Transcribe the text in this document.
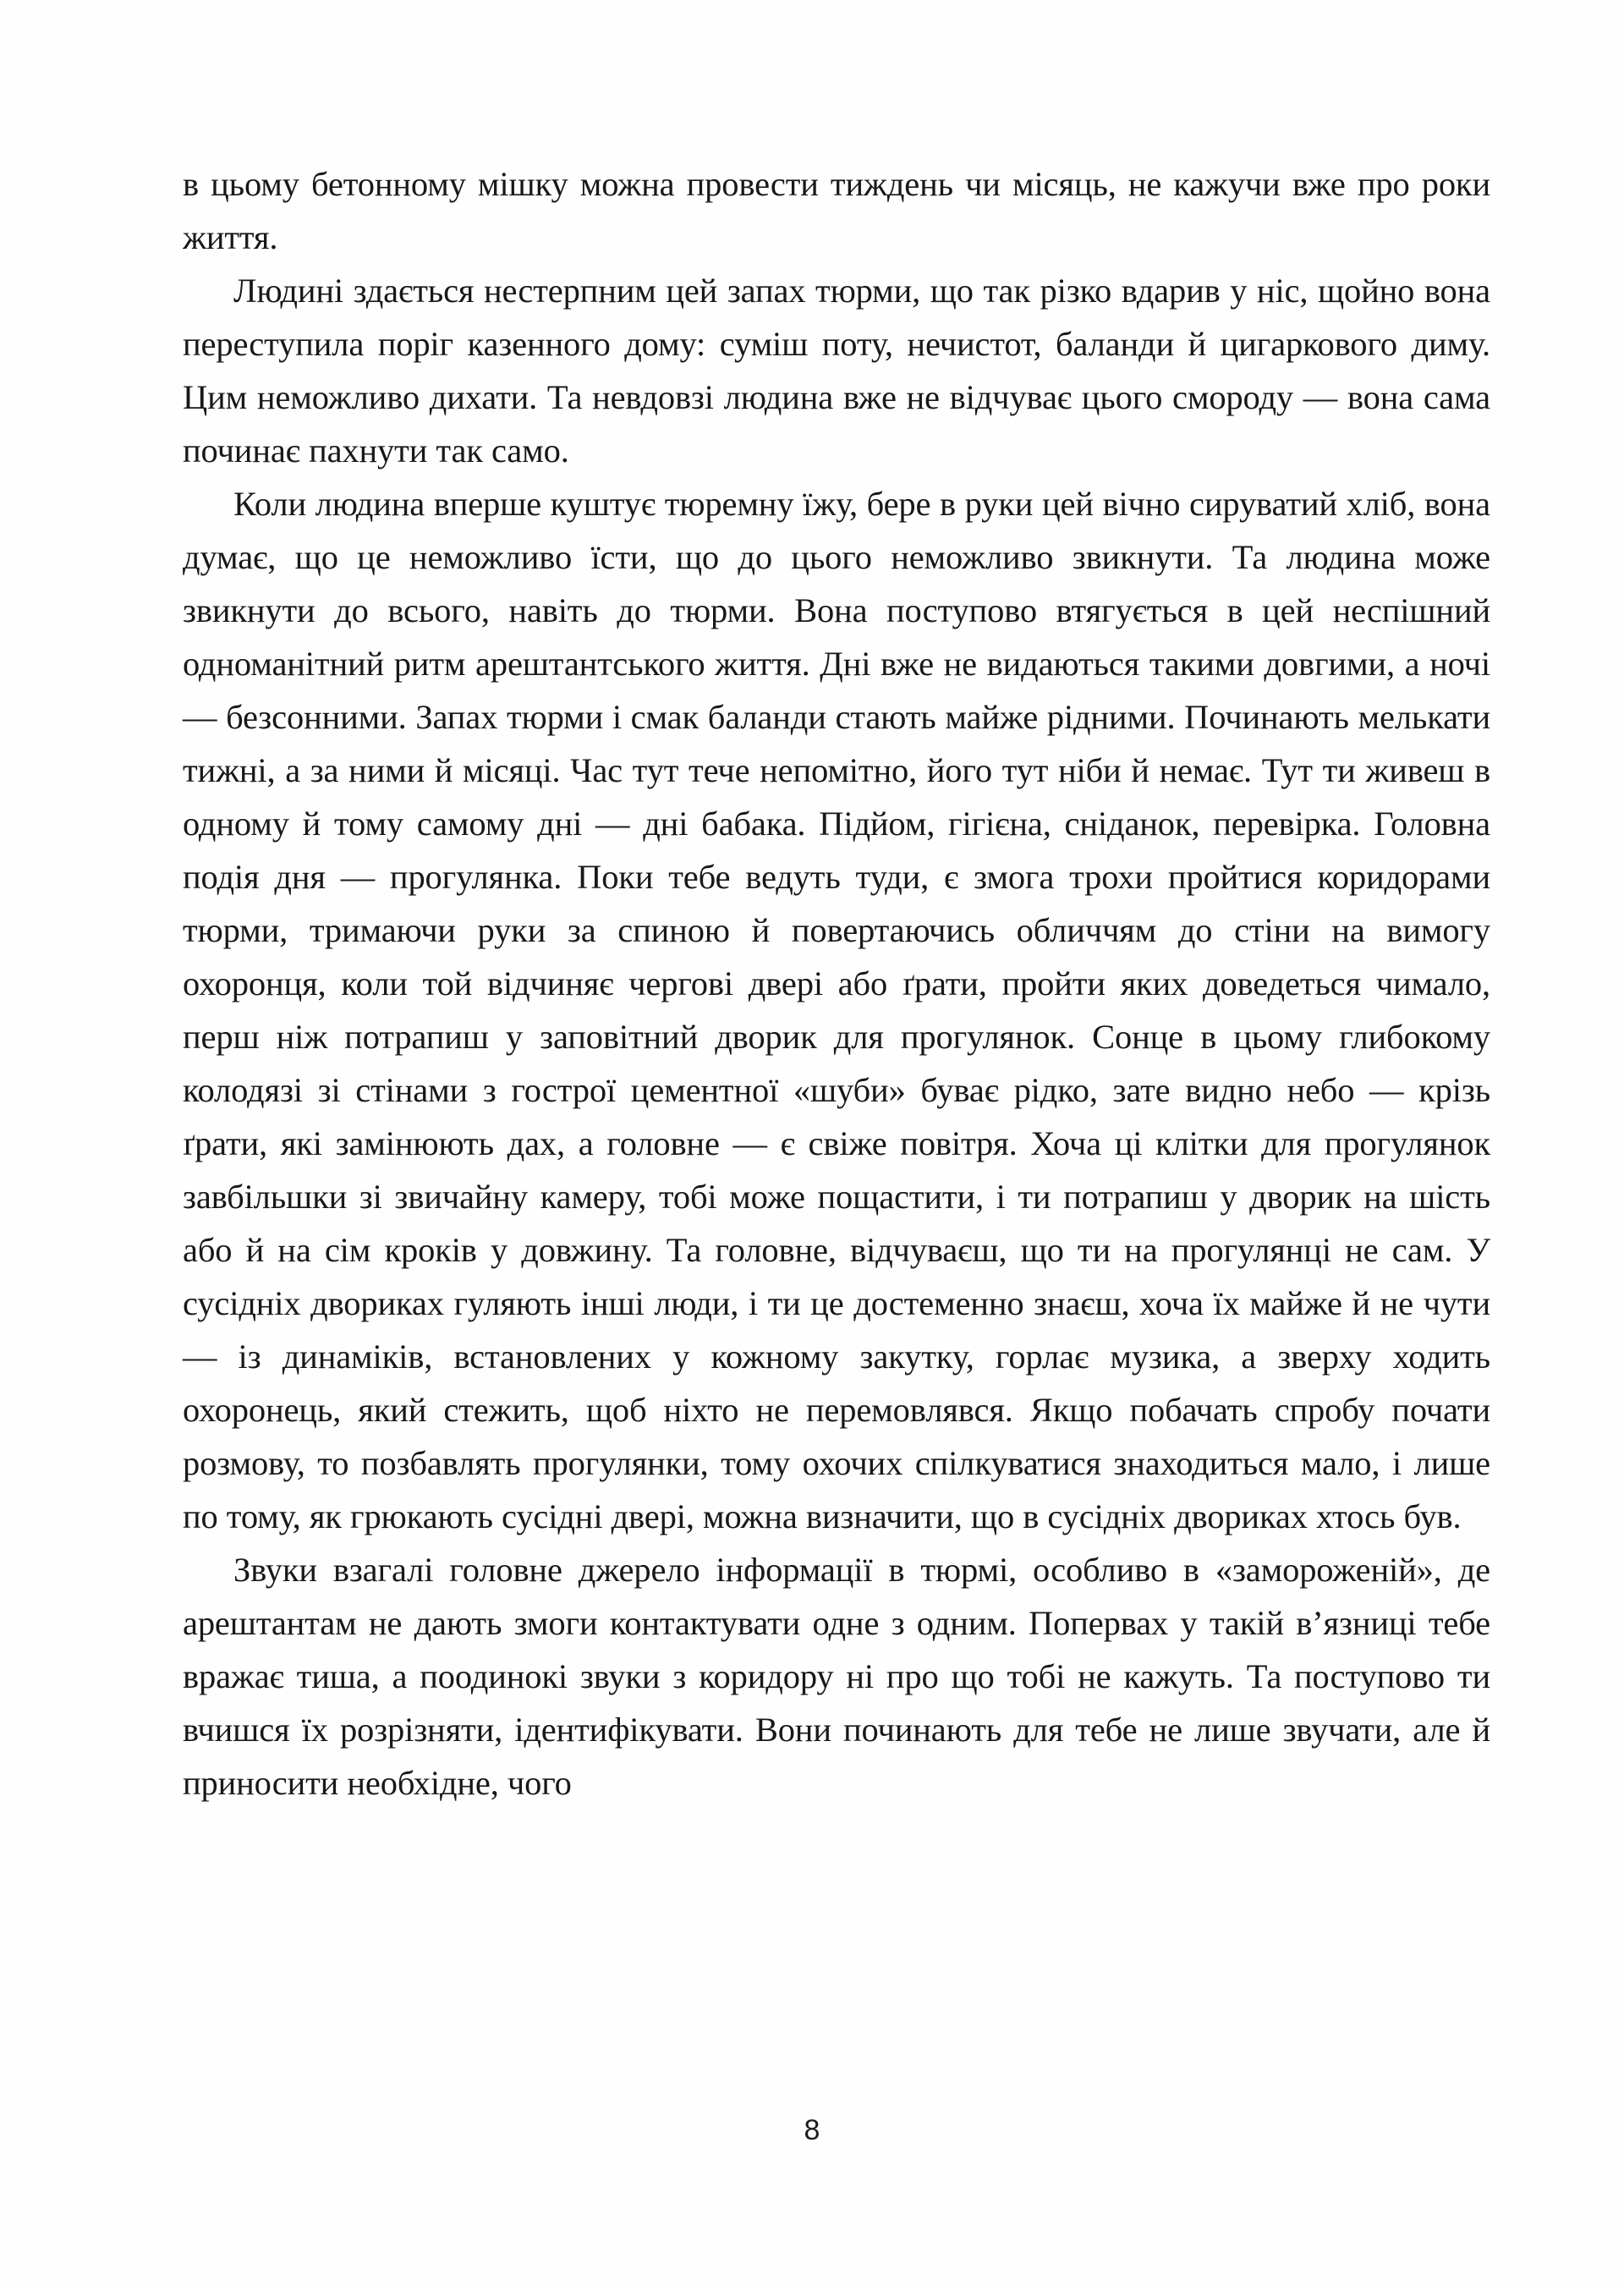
в цьому бетонному мішку можна провести тиждень чи місяць, не кажучи вже про роки життя.

Людині здається нестерпним цей запах тюрми, що так різко вдарив у ніс, щойно вона переступила поріг казенного дому: суміш поту, нечистот, баланди й цигаркового диму. Цим неможливо дихати. Та невдовзі людина вже не відчуває цього смороду — вона сама починає пахнути так само.

Коли людина вперше куштує тюремну їжу, бере в руки цей вічно сируватий хліб, вона думає, що це неможливо їсти, що до цього неможливо звикнути. Та людина може звикнути до всього, навіть до тюрми. Вона поступово втягується в цей неспішний одноманітний ритм арештантського життя. Дні вже не видаються такими довгими, а ночі — безсонними. Запах тюрми і смак баланди стають майже рідними. Починають мелькати тижні, а за ними й місяці. Час тут тече непомітно, його тут ніби й немає. Тут ти живеш в одному й тому самому дні — дні бабака. Підйом, гігієна, сніданок, перевірка. Головна подія дня — прогулянка. Поки тебе ведуть туди, є змога трохи пройтися коридорами тюрми, тримаючи руки за спиною й повертаючись обличчям до стіни на вимогу охоронця, коли той відчиняє чергові двері або ґрати, пройти яких доведеться чимало, перш ніж потрапиш у заповітний дворик для прогулянок. Сонце в цьому глибокому колодязі зі стінами з гострої цементної «шуби» буває рідко, зате видно небо — крізь ґрати, які замінюють дах, а головне — є свіже повітря. Хоча ці клітки для прогулянок завбільшки зі звичайну камеру, тобі може пощастити, і ти потрапиш у дворик на шість або й на сім кроків у довжину. Та головне, відчуваєш, що ти на прогулянці не сам. У сусідніх двориках гуляють інші люди, і ти це достеменно знаєш, хоча їх майже й не чути — із динаміків, встановлених у кожному закутку, горлає музика, а зверху ходить охоронець, який стежить, щоб ніхто не перемовлявся. Якщо побачать спробу почати розмову, то позбавлять прогулянки, тому охочих спілкуватися знаходиться мало, і лише по тому, як грюкають сусідні двері, можна визначити, що в сусідніх двориках хтось був.

Звуки взагалі головне джерело інформації в тюрмі, особливо в «замороженій», де арештантам не дають змоги контактувати одне з одним. Попервах у такій в’язниці тебе вражає тиша, а поодинокі звуки з коридору ні про що тобі не кажуть. Та поступово ти вчишся їх розрізняти, ідентифікувати. Вони починають для тебе не лише звучати, але й приносити необхідне, чого

8
